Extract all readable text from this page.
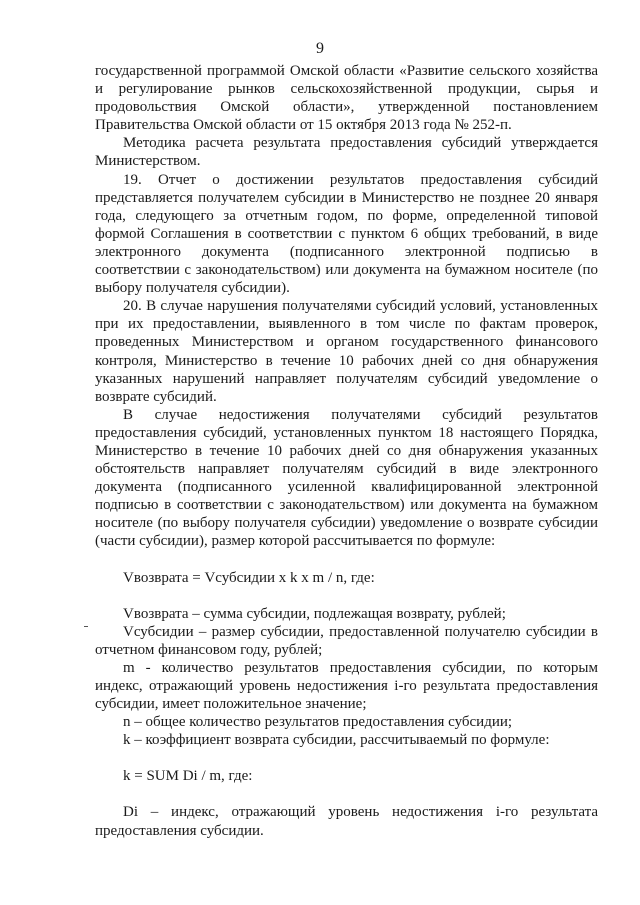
9

государственной программой Омской области «Развитие сельского хозяйства и регулирование рынков сельскохозяйственной продукции, сырья и продовольствия Омской области», утвержденной постановлением Правительства Омской области от 15 октября 2013 года № 252-п.

Методика расчета результата предоставления субсидий утверждается Министерством.

19. Отчет о достижении результатов предоставления субсидий представляется получателем субсидии в Министерство не позднее 20 января года, следующего за отчетным годом, по форме, определенной типовой формой Соглашения в соответствии с пунктом 6 общих требований, в виде электронного документа (подписанного электронной подписью в соответствии с законодательством) или документа на бумажном носителе (по выбору получателя субсидии).

20. В случае нарушения получателями субсидий условий, установленных при их предоставлении, выявленного в том числе по фактам проверок, проведенных Министерством и органом государственного финансового контроля, Министерство в течение 10 рабочих дней со дня обнаружения указанных нарушений направляет получателям субсидий уведомление о возврате субсидий.

В случае недостижения получателями субсидий результатов предоставления субсидий, установленных пунктом 18 настоящего Порядка, Министерство в течение 10 рабочих дней со дня обнаружения указанных обстоятельств направляет получателям субсидий в виде электронного документа (подписанного усиленной квалифицированной электронной подписью в соответствии с законодательством) или документа на бумажном носителе (по выбору получателя субсидии) уведомление о возврате субсидии (части субсидии), размер которой рассчитывается по формуле:

Vвозврата = Vсубсидии x k x m / n, где:

Vвозврата – сумма субсидии, подлежащая возврату, рублей;

Vсубсидии – размер субсидии, предоставленной получателю субсидии в отчетном финансовом году, рублей;

m - количество результатов предоставления субсидии, по которым индекс, отражающий уровень недостижения i-го результата предоставления субсидии, имеет положительное значение;

n – общее количество результатов предоставления субсидии;

k – коэффициент возврата субсидии, рассчитываемый по формуле:

k = SUM Di / m, где:

Di – индекс, отражающий уровень недостижения i-го результата предоставления субсидии.
